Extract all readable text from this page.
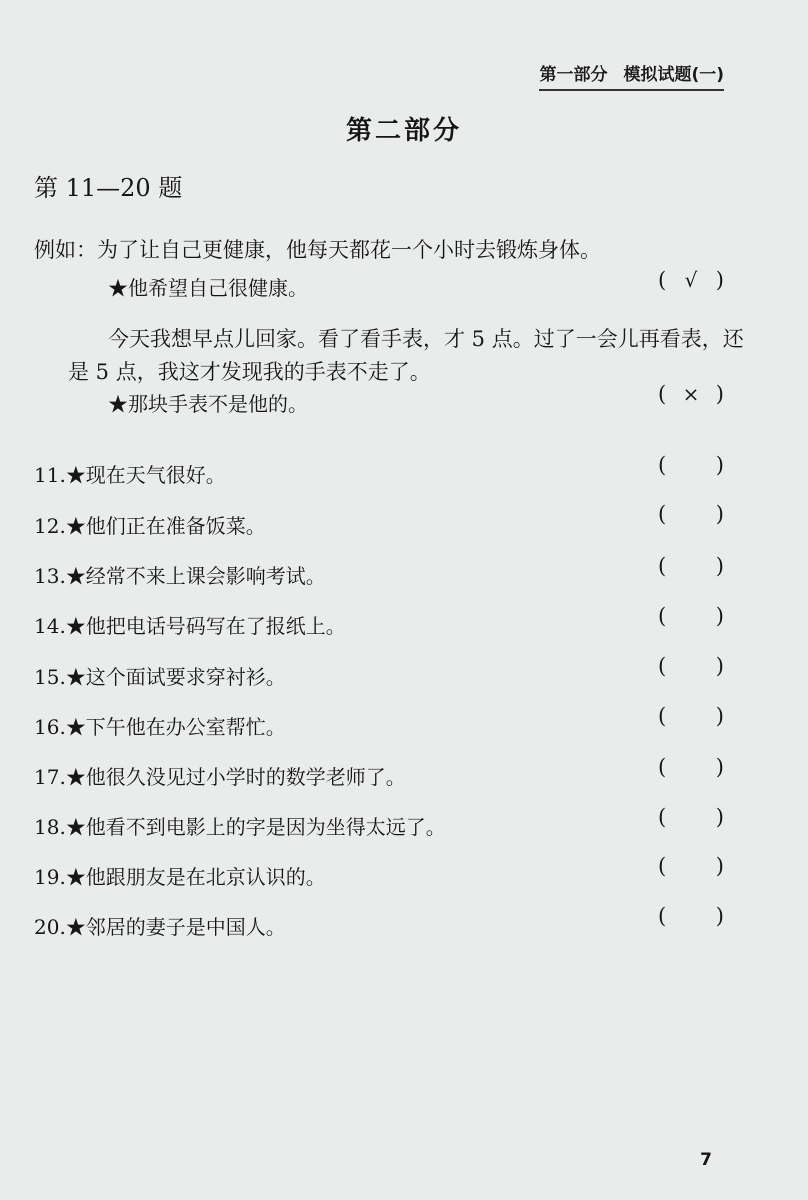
第一部分 模拟试题(一)
第二部分
第 11—20 题
例如：为了让自己更健康，他每天都花一个小时去锻炼身体。
★他希望自己很健康。	( √ )
今天我想早点儿回家。看了看手表，才 5 点。过了一会儿再看表，还
是 5 点，我这才发现我的手表不走了。
★那块手表不是他的。	( × )
11.★现在天气很好。	( )
12.★他们正在准备饭菜。	( )
13.★经常不来上课会影响考试。	( )
14.★他把电话号码写在了报纸上。	( )
15.★这个面试要求穿衬衫。	( )
16.★下午他在办公室帮忙。	( )
17.★他很久没见过小学时的数学老师了。	( )
18.★他看不到电影上的字是因为坐得太远了。	( )
19.★他跟朋友是在北京认识的。	( )
20.★邻居的妻子是中国人。	( )
7
